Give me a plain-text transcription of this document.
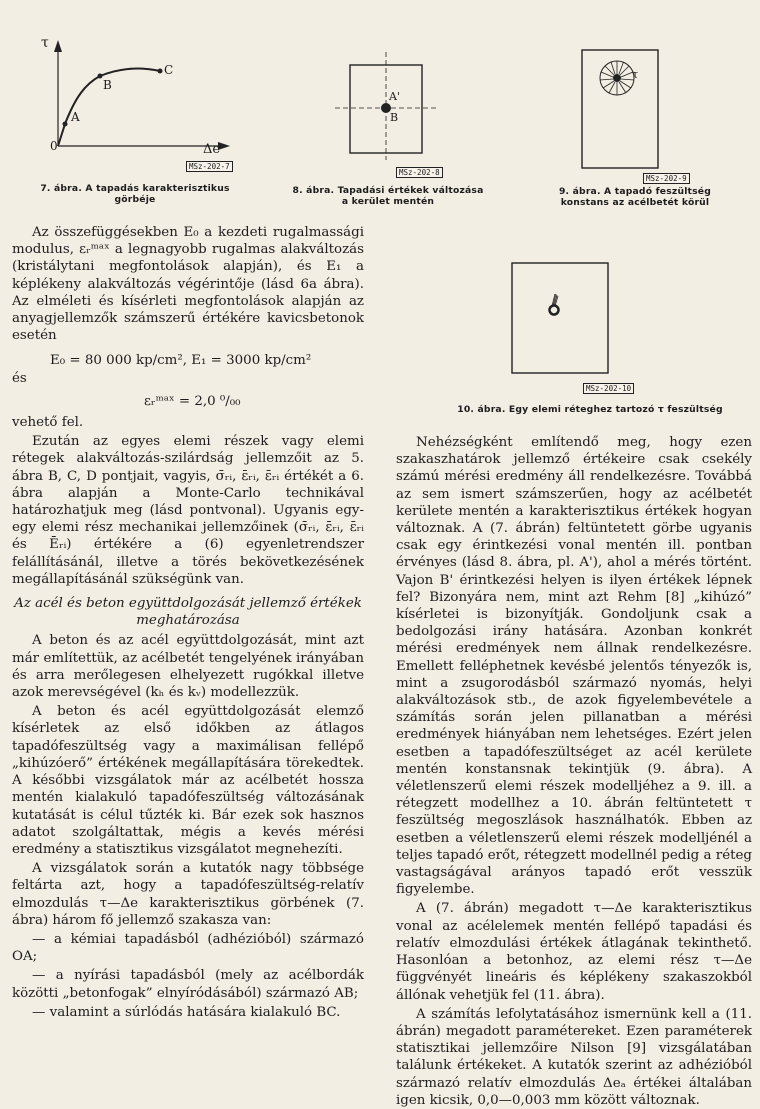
τ
Δe
0
A
B
C
MSz-202-7
7. ábra. A tapadás karakterisztikus görbéje
A'
B
MSz-202-8
8. ábra. Tapadási értékek változása a kerület mentén
τ
MSz-202-9
9. ábra. A tapadó feszültség konstans az acélbetét körül
MSz-202-10
10. ábra. Egy elemi réteghez tartozó τ feszültség

Az összefüggésekben E₀ a kezdeti rugalmassági modulus, εᵣᵐᵃˣ a legnagyobb rugalmas alakváltozás (kristálytani megfontolások alapján), és E₁ a képlékeny alakváltozás végérintője (lásd 6a ábra). Az elméleti és kísérleti megfontolások alapján az anyagjellemzők számszerű értékére kavicsbetonok esetén

E₀ = 80 000 kp/cm², E₁ = 3000 kp/cm²

és

εᵣᵐᵃˣ = 2,0 ⁰/₀₀

vehető fel.

Ezután az egyes elemi részek vagy elemi rétegek alakváltozás-szilárdság jellemzőit az 5. ábra B, C, D pontjait, vagyis, σ̄ᵣᵢ, ε̄ᵣᵢ, ε̄ᵣᵢ értékét a 6. ábra alapján a Monte-Carlo technikával határozhatjuk meg (lásd pontvonal). Ugyanis egy-egy elemi rész mechanikai jellemzőinek (σ̄ᵣᵢ, ε̄ᵣᵢ, ε̄ᵣᵢ és Ēᵣᵢ) értékére a (6) egyenletrendszer felállításánál, illetve a törés bekövetkezésének megállapításánál szükségünk van.

Az acél és beton együttdolgozását jellemző értékek meghatározása

A beton és az acél együttdolgozását, mint azt már említettük, az acélbetét tengelyének irányában és arra merőlegesen elhelyezett rugókkal illetve azok merevségével (kₕ és kᵥ) modellezzük.

A beton és acél együttdolgozását elemző kísérletek az első időkben az átlagos tapadófeszültség vagy a maximálisan fellépő „kihúzóerő” értékének megállapítására törekedtek. A későbbi vizsgálatok már az acélbetét hossza mentén kialakuló tapadófeszültség változásának kutatását is célul tűzték ki. Bár ezek sok hasznos adatot szolgáltattak, mégis a kevés mérési eredmény a statisztikus vizsgálatot megnehezíti.

A vizsgálatok során a kutatók nagy többsége feltárta azt, hogy a tapadófeszültség-relatív elmozdulás τ—Δe karakterisztikus görbének (7. ábra) három fő jellemző szakasza van:

— a kémiai tapadásból (adhézióból) származó OA;

— a nyírási tapadásból (mely az acélbordák közötti „betonfogak” elnyíródásából) származó AB;

— valamint a súrlódás hatására kialakuló BC.

Nehézségként említendő meg, hogy ezen szakaszhatárok jellemző értékeire csak csekély számú mérési eredmény áll rendelkezésre. Továbbá az sem ismert számszerűen, hogy az acélbetét kerülete mentén a karakterisztikus értékek hogyan változnak. A (7. ábrán) feltüntetett görbe ugyanis csak egy érintkezési vonal mentén ill. pontban érvényes (lásd 8. ábra, pl. A'), ahol a mérés történt. Vajon B' érintkezési helyen is ilyen értékek lépnek fel? Bizonyára nem, mint azt Rehm [8] „kihúzó” kísérletei is bizonyítják. Gondoljunk csak a bedolgozási irány hatására. Azonban konkrét mérési eredmények nem állnak rendelkezésre. Emellett felléphetnek kevésbé jelentős tényezők is, mint a zsugorodásból származó nyomás, helyi alakváltozások stb., de azok figyelembevétele a számítás során jelen pillanatban a mérési eredmények hiányában nem lehetséges. Ezért jelen esetben a tapadófeszültséget az acél kerülete mentén konstansnak tekintjük (9. ábra). A véletlenszerű elemi részek modelljéhez a 9. ill. a rétegzett modellhez a 10. ábrán feltüntetett τ feszültség megoszlások használhatók. Ebben az esetben a véletlenszerű elemi részek modelljénél a teljes tapadó erőt, rétegzett modellnél pedig a réteg vastagságával arányos tapadó erőt vesszük figyelembe.

A (7. ábrán) megadott τ—Δe karakterisztikus vonal az acélelemek mentén fellépő tapadási és relatív elmozdulási értékek átlagának tekinthető. Hasonlóan a betonhoz, az elemi rész τ—Δe függvényét lineáris és képlékeny szakaszokból állónak vehetjük fel (11. ábra).

A számítás lefolytatásához ismernünk kell a (11. ábrán) megadott paramétereket. Ezen paraméterek statisztikai jellemzőire Nilson [9] vizsgálatában találunk értékeket. A kutatók szerint az adhézióból származó relatív elmozdulás Δeₐ értékei általában igen kicsik, 0,0—0,003 mm között változnak.
